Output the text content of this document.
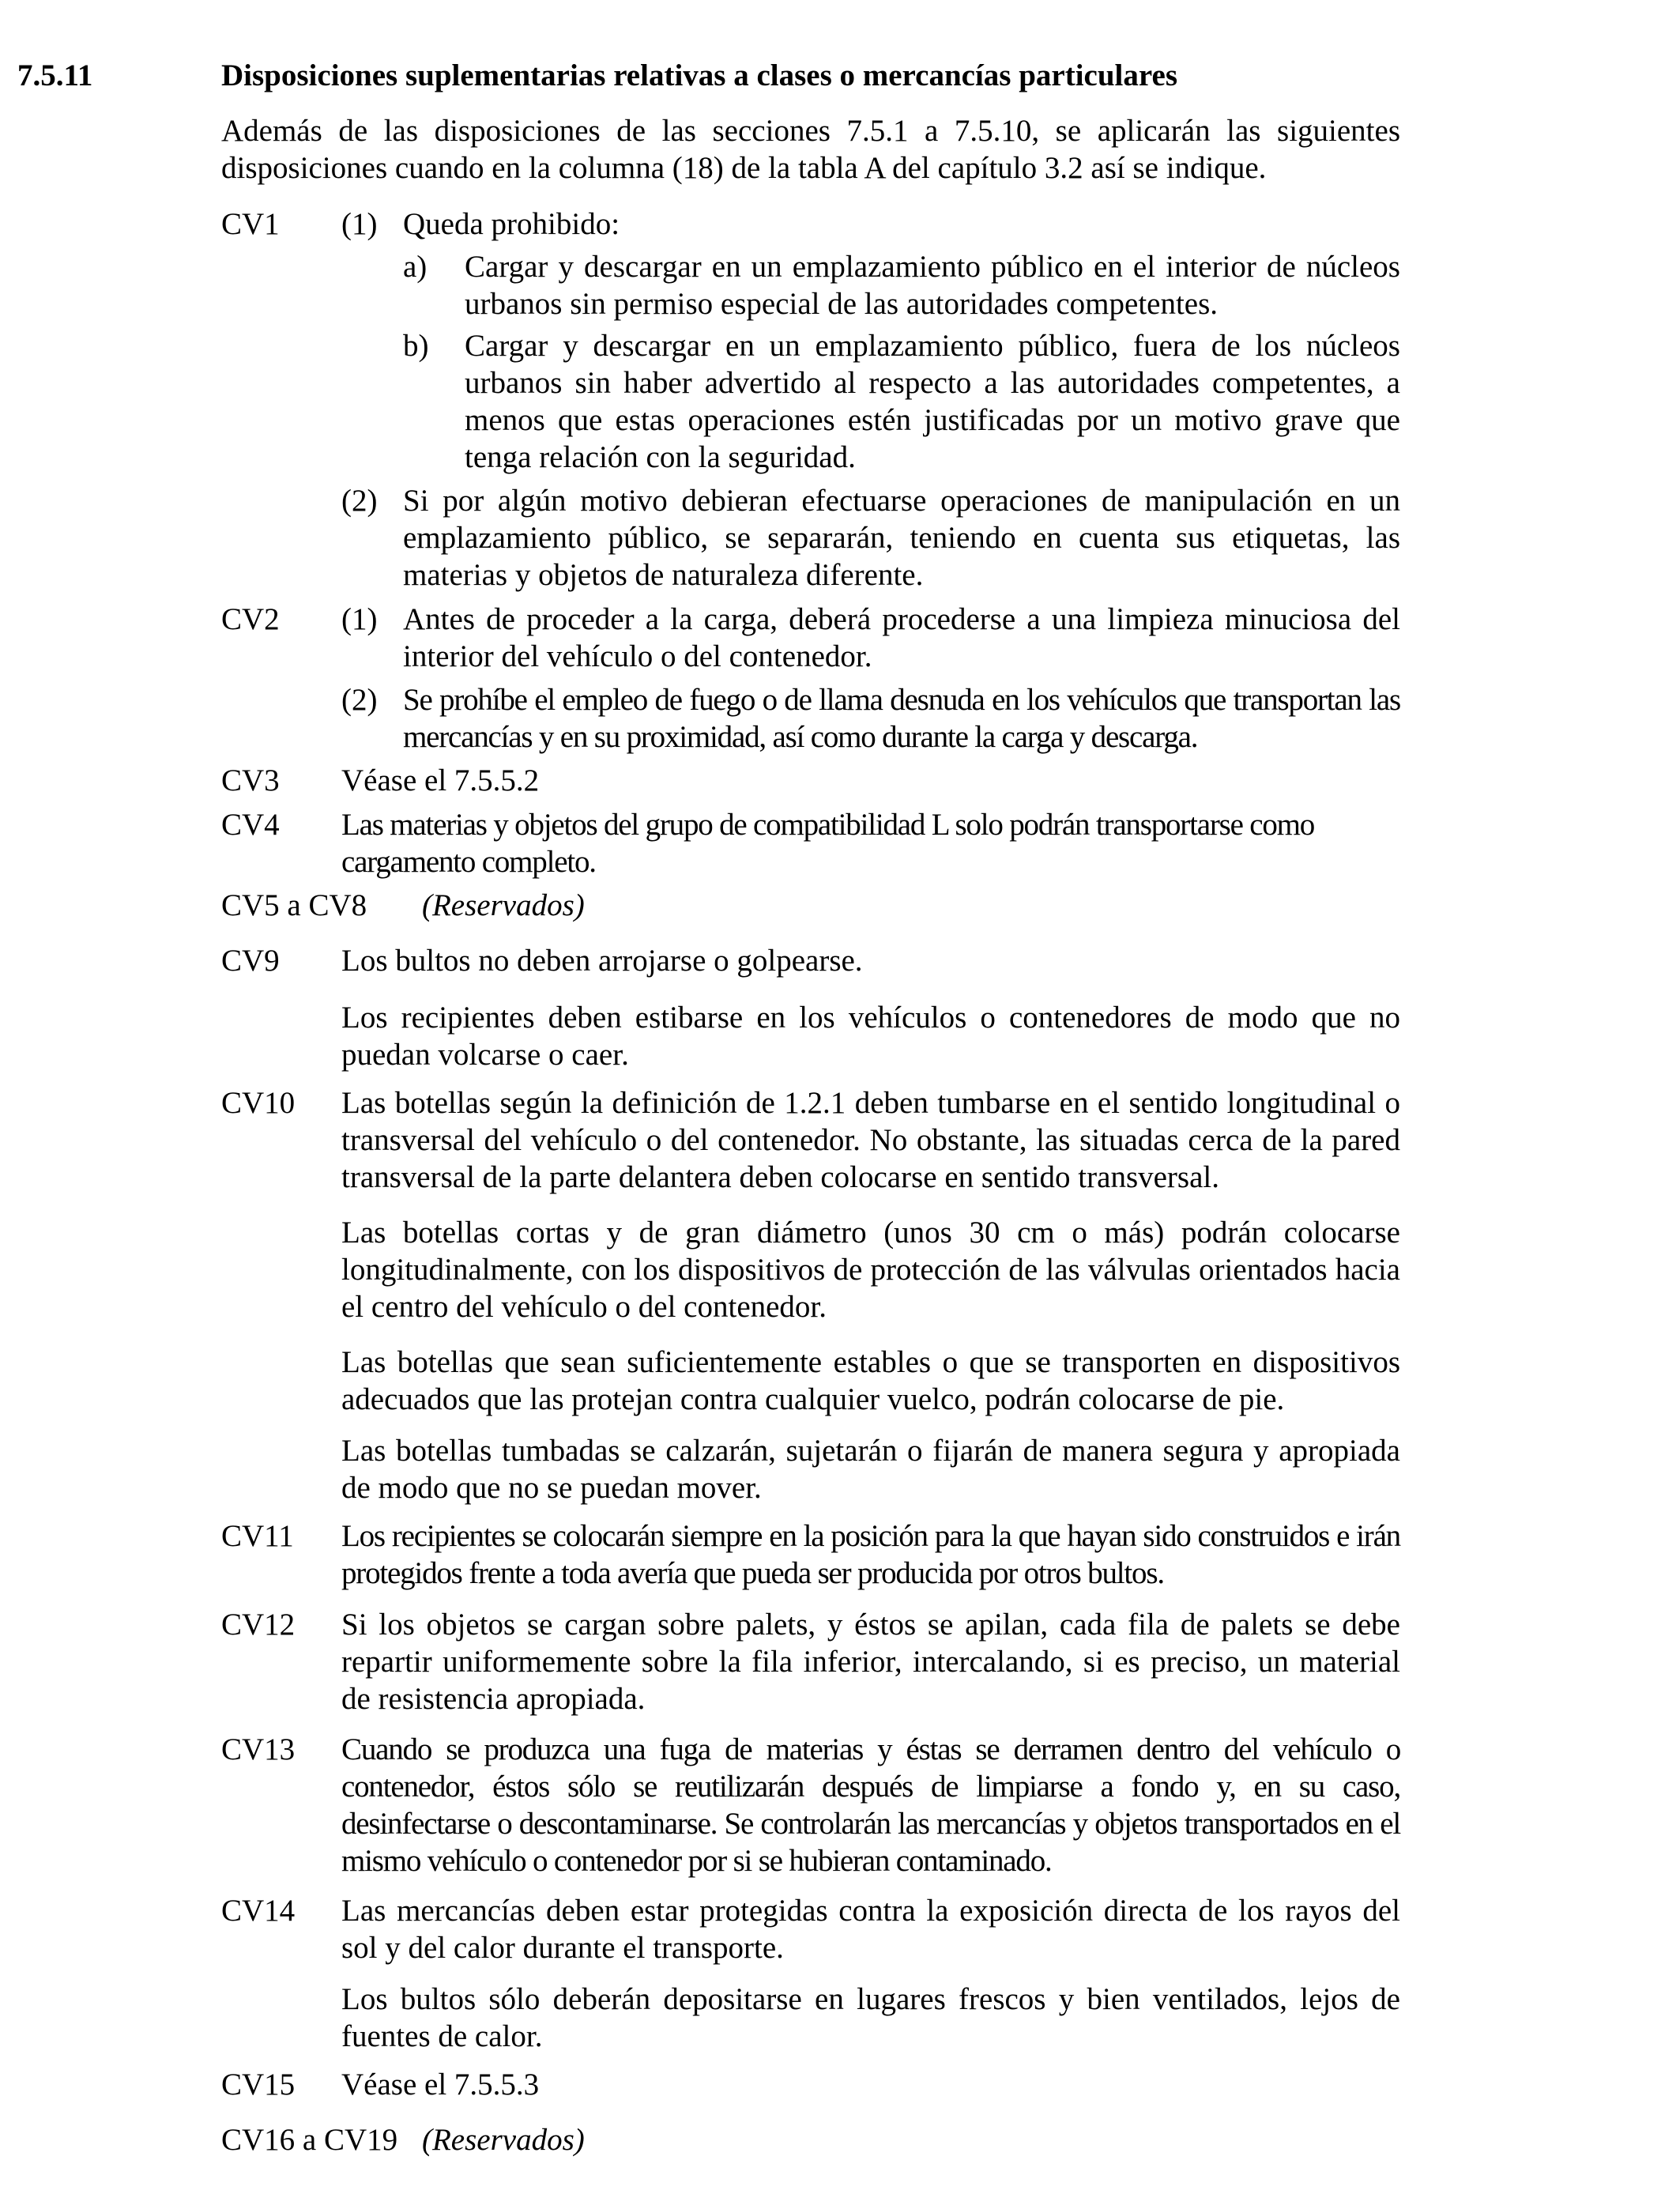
7.5.11	Disposiciones suplementarias relativas a clases o mercancías particulares
Además de las disposiciones de las secciones 7.5.1 a 7.5.10, se aplicarán las siguientes disposiciones cuando en la columna (18) de la tabla A del capítulo 3.2 así se indique.
CV1 (1) Queda prohibido:
a) Cargar y descargar en un emplazamiento público en el interior de núcleos urbanos sin permiso especial de las autoridades competentes.
b) Cargar y descargar en un emplazamiento público, fuera de los núcleos urbanos sin haber advertido al respecto a las autoridades competentes, a menos que estas operaciones estén justificadas por un motivo grave que tenga relación con la seguridad.
(2) Si por algún motivo debieran efectuarse operaciones de manipulación en un emplazamiento público, se separarán, teniendo en cuenta sus etiquetas, las materias y objetos de naturaleza diferente.
CV2 (1) Antes de proceder a la carga, deberá procederse a una limpieza minuciosa del interior del vehículo o del contenedor.
(2) Se prohíbe el empleo de fuego o de llama desnuda en los vehículos que transportan las mercancías y en su proximidad, así como durante la carga y descarga.
CV3 Véase el 7.5.5.2
CV4 Las materias y objetos del grupo de compatibilidad L solo podrán transportarse como cargamento completo.
CV5 a CV8 (Reservados)
CV9 Los bultos no deben arrojarse o golpearse.
Los recipientes deben estibarse en los vehículos o contenedores de modo que no puedan volcarse o caer.
CV10 Las botellas según la definición de 1.2.1 deben tumbarse en el sentido longitudinal o transversal del vehículo o del contenedor. No obstante, las situadas cerca de la pared transversal de la parte delantera deben colocarse en sentido transversal.
Las botellas cortas y de gran diámetro (unos 30 cm o más) podrán colocarse longitudinalmente, con los dispositivos de protección de las válvulas orientados hacia el centro del vehículo o del contenedor.
Las botellas que sean suficientemente estables o que se transporten en dispositivos adecuados que las protejan contra cualquier vuelco, podrán colocarse de pie.
Las botellas tumbadas se calzarán, sujetarán o fijarán de manera segura y apropiada de modo que no se puedan mover.
CV11 Los recipientes se colocarán siempre en la posición para la que hayan sido construidos e irán protegidos frente a toda avería que pueda ser producida por otros bultos.
CV12 Si los objetos se cargan sobre palets, y éstos se apilan, cada fila de palets se debe repartir uniformemente sobre la fila inferior, intercalando, si es preciso, un material de resistencia apropiada.
CV13 Cuando se produzca una fuga de materias y éstas se derramen dentro del vehículo o contenedor, éstos sólo se reutilizarán después de limpiarse a fondo y, en su caso, desinfectarse o descontaminarse. Se controlarán las mercancías y objetos transportados en el mismo vehículo o contenedor por si se hubieran contaminado.
CV14 Las mercancías deben estar protegidas contra la exposición directa de los rayos del sol y del calor durante el transporte.
Los bultos sólo deberán depositarse en lugares frescos y bien ventilados, lejos de fuentes de calor.
CV15 Véase el 7.5.5.3
CV16 a CV19 (Reservados)
